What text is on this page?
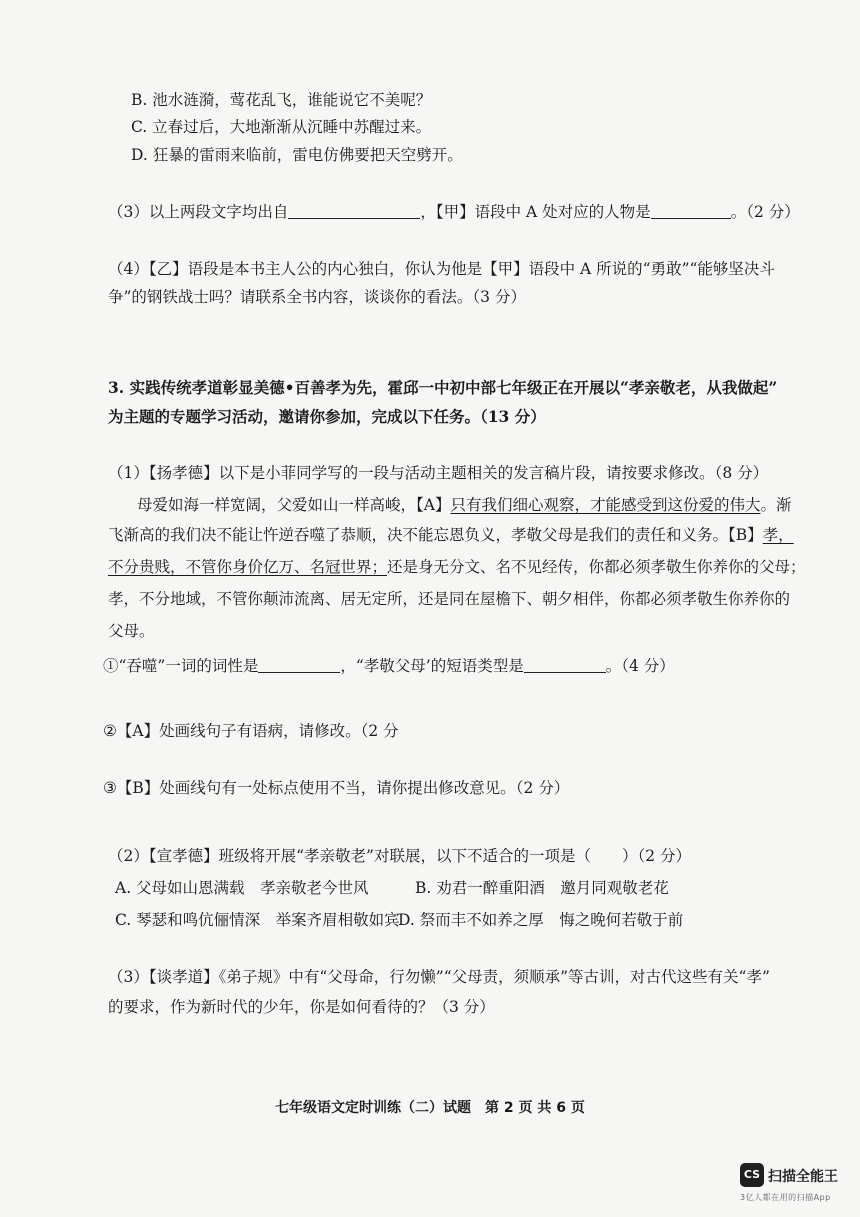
B. 池水涟漪，莺花乱飞，谁能说它不美呢？
C. 立春过后，大地渐渐从沉睡中苏醒过来。
D. 狂暴的雷雨来临前，雷电仿佛要把天空劈开。
（3）以上两段文字均出自	，【甲】语段中 A 处对应的人物是	。（2 分）
（4）【乙】语段是本书主人公的内心独白，你认为他是【甲】语段中 A 所说的“勇敢”“能够坚决斗
争”的钢铁战士吗？请联系全书内容，谈谈你的看法。（3 分）
3. 实践传统孝道彰显美德•百善孝为先，霍邱一中初中部七年级正在开展以“孝亲敬老，从我做起”
为主题的专题学习活动，邀请你参加，完成以下任务。（13 分）
（1）【扬孝德】以下是小菲同学写的一段与活动主题相关的发言稿片段，请按要求修改。（8 分）
母爱如海一样宽阔，父爱如山一样高峻，【A】只有我们细心观察，才能感受到这份爱的伟大。渐
飞渐高的我们决不能让忤逆吞噬了恭顺，决不能忘恩负义，孝敬父母是我们的责任和义务。【B】孝，
不分贵贱，不管你身价亿万、名冠世界；还是身无分文、名不见经传，你都必须孝敬生你养你的父母；
孝，不分地域，不管你颠沛流离、居无定所，还是同在屋檐下、朝夕相伴，你都必须孝敬生你养你的
父母。
①“吞噬”一词的词性是	，“孝敬父母’的短语类型是	。（4 分）
②【A】处画线句子有语病，请修改。（2 分
③【B】处画线句有一处标点使用不当，请你提出修改意见。（2 分）
（2）【宣孝德】班级将开展“孝亲敬老”对联展，以下不适合的一项是（　　）（2 分）
A. 父母如山恩满载　孝亲敬老今世风	B. 劝君一醉重阳酒　邀月同观敬老花
C. 琴瑟和鸣伉俪情深　举案齐眉相敬如宾
D. 祭而丰不如养之厚　悔之晚何若敬于前
（3）【谈孝道】《弟子规》中有“父母命，行勿懒”“父母责，须顺承”等古训，对古代这些有关“孝”
的要求，作为新时代的少年，你是如何看待的？（3 分）
七年级语文定时训练（二）试题　第 2 页 共 6 页
CS 扫描全能王
3亿人都在用的扫描App
